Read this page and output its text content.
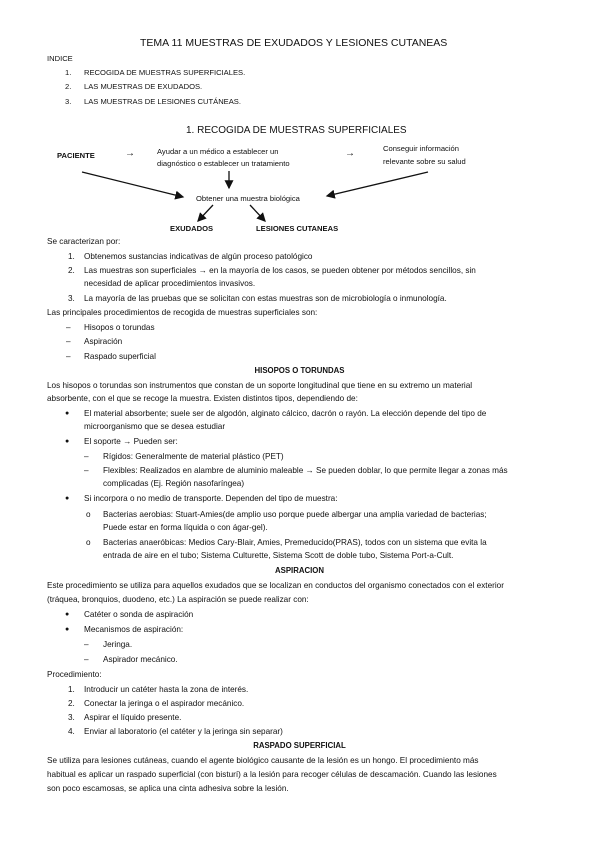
TEMA 11 MUESTRAS DE EXUDADOS Y LESIONES CUTANEAS
INDICE
1. RECOGIDA DE MUESTRAS SUPERFICIALES.
2. LAS MUESTRAS DE EXUDADOS.
3. LAS MUESTRAS DE LESIONES CUTÁNEAS.
1. RECOGIDA DE MUESTRAS SUPERFICIALES
PACIENTE	→	Ayudar a un médico a establecer un
diagnóstico o establecer un tratamiento
→	Conseguir información
relevante sobre su salud
Obtener una muestra biológica
EXUDADOS	LESIONES CUTANEAS
Se caracterizan por:
1. Obtenemos sustancias indicativas de algún proceso patológico
2. Las muestras son superficiales → en la mayoría de los casos, se pueden obtener por métodos sencillos, sin
necesidad de aplicar procedimientos invasivos.
3. La mayoría de las pruebas que se solicitan con estas muestras son de microbiología o inmunología.
Las principales procedimientos de recogida de muestras superficiales son:
– Hisopos o torundas
– Aspiración
– Raspado superficial
HISOPOS O TORUNDAS
Los hisopos o torundas son instrumentos que constan de un soporte longitudinal que tiene en su extremo un material
absorbente, con el que se recoge la muestra. Existen distintos tipos, dependiendo de:
● El material absorbente; suele ser de algodón, alginato cálcico, dacrón o rayón. La elección depende del tipo de
microorganismo que se desea estudiar
● El soporte → Pueden ser:
– Rígidos: Generalmente de material plástico (PET)
– Flexibles: Realizados en alambre de aluminio maleable → Se pueden doblar, lo que permite llegar a zonas más
complicadas (Ej. Región nasofaríngea)
● Si incorpora o no medio de transporte. Dependen del tipo de muestra:
o Bacterias aerobias: Stuart-Amies(de amplio uso porque puede albergar una amplia variedad de bacterias;
Puede estar en forma líquida o con ágar-gel).
o Bacterias anaeróbicas: Medios Cary-Blair, Amies, Premeducido(PRAS), todos con un sistema que evita la
entrada de aire en el tubo; Sistema Culturette, Sistema Scott de doble tubo, Sistema Port-a-Cult.
ASPIRACION
Este procedimiento se utiliza para aquellos exudados que se localizan en conductos del organismo conectados con el exterior
(tráquea, bronquios, duodeno, etc.) La aspiración se puede realizar con:
● Catéter o sonda de aspiración
● Mecanismos de aspiración:
– Jeringa.
– Aspirador mecánico.
Procedimiento:
1. Introducir un catéter hasta la zona de interés.
2. Conectar la jeringa o el aspirador mecánico.
3. Aspirar el líquido presente.
4. Enviar al laboratorio (el catéter y la jeringa sin separar)
RASPADO SUPERFICIAL
Se utiliza para lesiones cutáneas, cuando el agente biológico causante de la lesión es un hongo. El procedimiento más
habitual es aplicar un raspado superficial (con bisturí) a la lesión para recoger células de descamación. Cuando las lesiones
son poco escamosas, se aplica una cinta adhesiva sobre la lesión.
